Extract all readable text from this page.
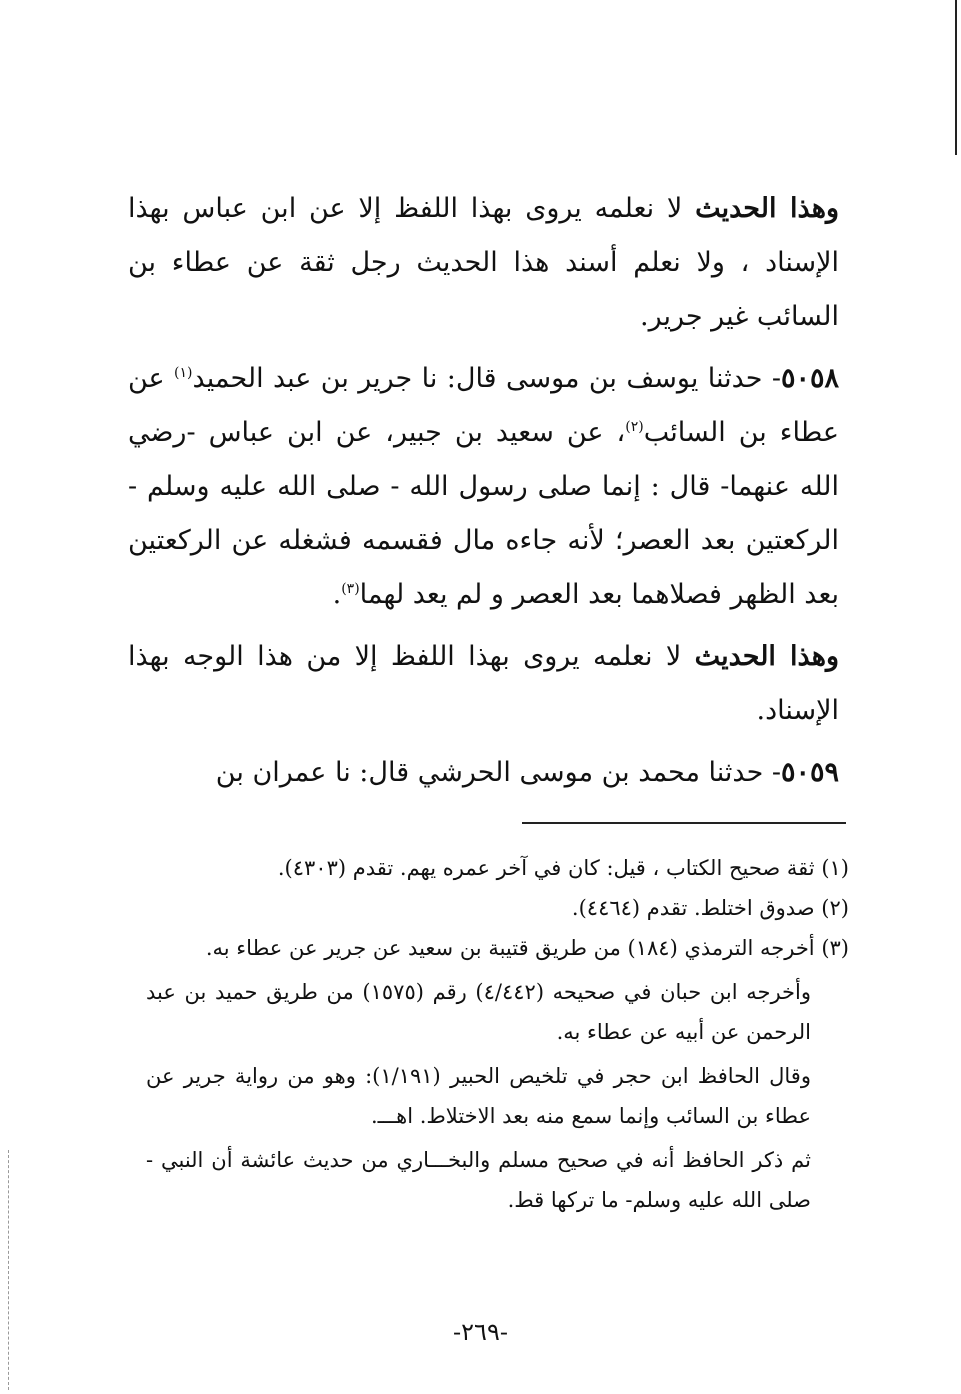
وهذا الحديث لا نعلمه يروى بهذا اللفظ إلا عن ابن عباس بهذا الإسناد ، ولا نعلم أسند هذا الحديث رجل ثقة عن عطاء بن السائب غير جرير.

٥٠٥٨- حدثنا يوسف بن موسى قال: نا جرير بن عبد الحميد$^{(١)}$ عن عطاء بن السائب$^{(٢)}$، عن سعيد بن جبير، عن ابن عباس -رضي الله عنهما- قال : إنما صلى رسول الله - صلى الله عليه وسلم - الركعتين بعد العصر؛ لأنه جاءه مال فقسمه فشغله عن الركعتين بعد الظهر فصلاهما بعد العصر و لم يعد لهما$^{(٣)}$.

وهذا الحديث لا نعلمه يروى بهذا اللفظ إلا من هذا الوجه بهذا الإسناد.

٥٠٥٩- حدثنا محمد بن موسى الحرشي قال: نا عمران بن

(١) ثقة صحيح الكتاب ، قيل: كان في آخر عمره يهم. تقدم (٤٣٠٣).

(٢) صدوق اختلط. تقدم (٤٤٦٤).

(٣) أخرجه الترمذي (١٨٤) من طريق قتيبة بن سعيد عن جرير عن عطاء به.

وأخرجه ابن حبان في صحيحه (٤/٤٤٢) رقم (١٥٧٥) من طريق حميد بن عبد الرحمن عن أبيه عن عطاء به.

وقال الحافظ ابن حجر في تلخيص الحبير (١/١٩١): وهو من رواية جرير عن عطاء بن السائب وإنما سمع منه بعد الاختلاط. اهـــ.

ثم ذكر الحافظ أنه في صحيح مسلم والبخـــاري من حديث عائشة أن النبي - صلى الله عليه وسلم- ما تركها قط.

-٢٦٩-
